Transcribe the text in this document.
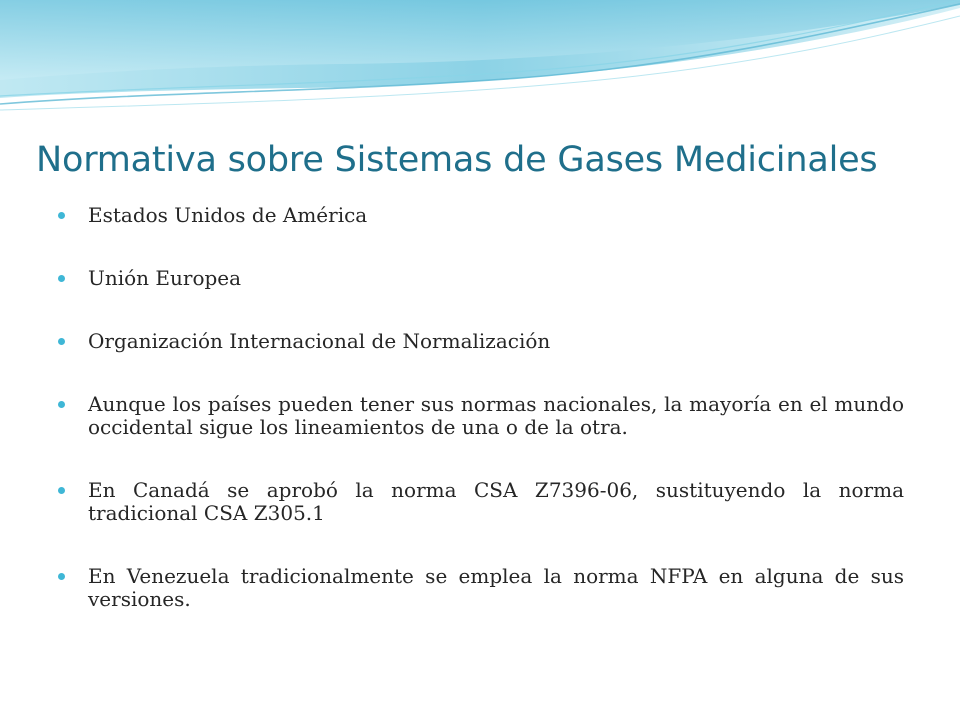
Normativa sobre Sistemas de Gases Medicinales
Estados Unidos de América
Unión Europea
Organización Internacional de Normalización
Aunque los países pueden tener sus normas nacionales, la mayoría en el mundo occidental sigue los lineamientos de una o de la otra.
En Canadá se aprobó la norma CSA Z7396-06, sustituyendo la norma tradicional CSA Z305.1
En Venezuela tradicionalmente se emplea la norma NFPA en alguna de sus versiones.
